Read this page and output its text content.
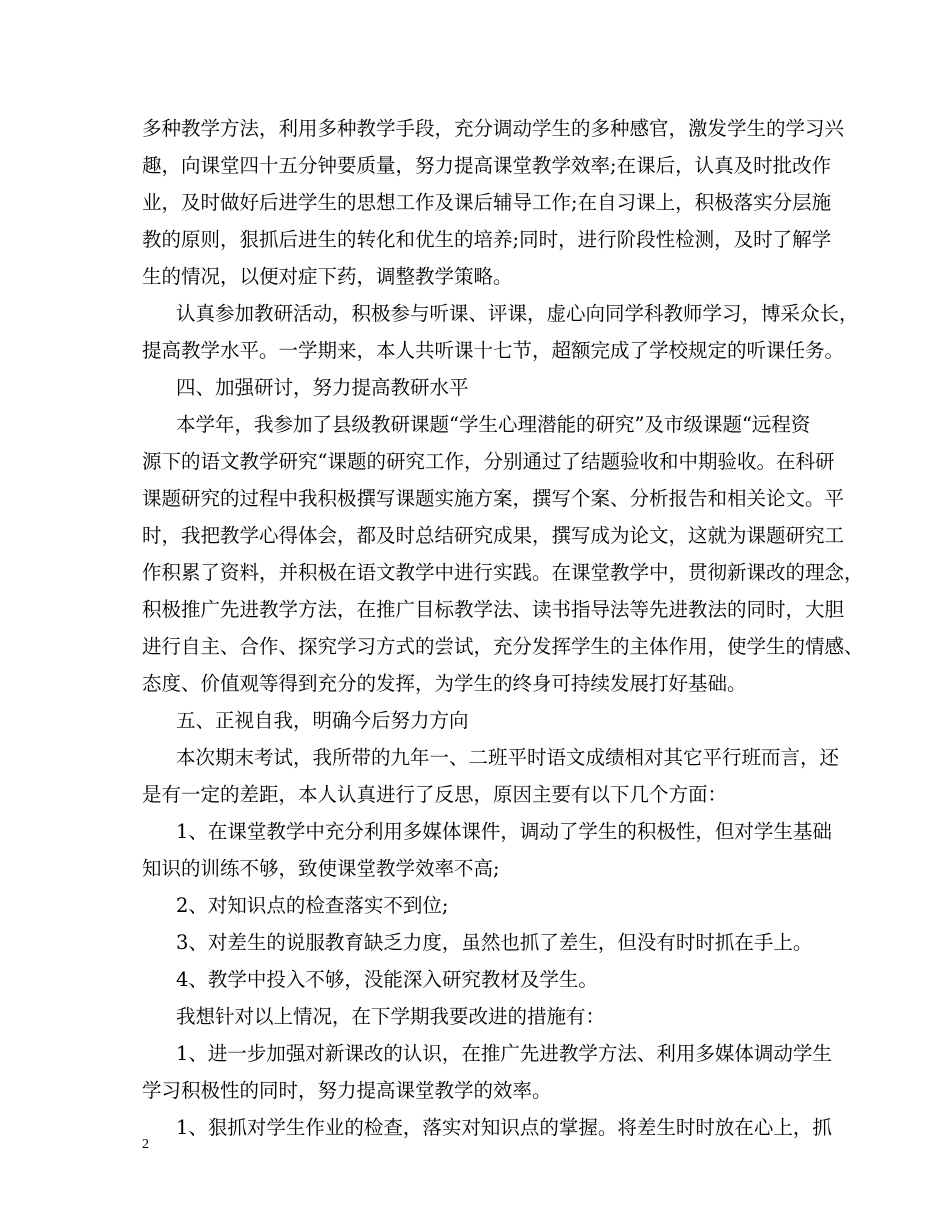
多种教学方法，利用多种教学手段，充分调动学生的多种感官，激发学生的学习兴
趣，向课堂四十五分钟要质量，努力提高课堂教学效率;在课后，认真及时批改作
业，及时做好后进学生的思想工作及课后辅导工作;在自习课上，积极落实分层施
教的原则，狠抓后进生的转化和优生的培养;同时，进行阶段性检测，及时了解学
生的情况，以便对症下药，调整教学策略。
认真参加教研活动，积极参与听课、评课，虚心向同学科教师学习，博采众长，
提高教学水平。一学期来，本人共听课十七节，超额完成了学校规定的听课任务。
四、加强研讨，努力提高教研水平
本学年，我参加了县级教研课题“学生心理潜能的研究”及市级课题“远程资
源下的语文教学研究“课题的研究工作，分别通过了结题验收和中期验收。在科研
课题研究的过程中我积极撰写课题实施方案，撰写个案、分析报告和相关论文。平
时，我把教学心得体会，都及时总结研究成果，撰写成为论文，这就为课题研究工
作积累了资料，并积极在语文教学中进行实践。在课堂教学中，贯彻新课改的理念，
积极推广先进教学方法，在推广目标教学法、读书指导法等先进教法的同时，大胆
进行自主、合作、探究学习方式的尝试，充分发挥学生的主体作用，使学生的情感、
态度、价值观等得到充分的发挥，为学生的终身可持续发展打好基础。
五、正视自我，明确今后努力方向
本次期末考试，我所带的九年一、二班平时语文成绩相对其它平行班而言，还
是有一定的差距，本人认真进行了反思，原因主要有以下几个方面：
1、在课堂教学中充分利用多媒体课件，调动了学生的积极性，但对学生基础
知识的训练不够，致使课堂教学效率不高;
2、对知识点的检查落实不到位;
3、对差生的说服教育缺乏力度，虽然也抓了差生，但没有时时抓在手上。
4、教学中投入不够，没能深入研究教材及学生。
我想针对以上情况，在下学期我要改进的措施有：
1、进一步加强对新课改的认识，在推广先进教学方法、利用多媒体调动学生
学习积极性的同时，努力提高课堂教学的效率。
1、狠抓对学生作业的检查，落实对知识点的掌握。将差生时时放在心上，抓
2
